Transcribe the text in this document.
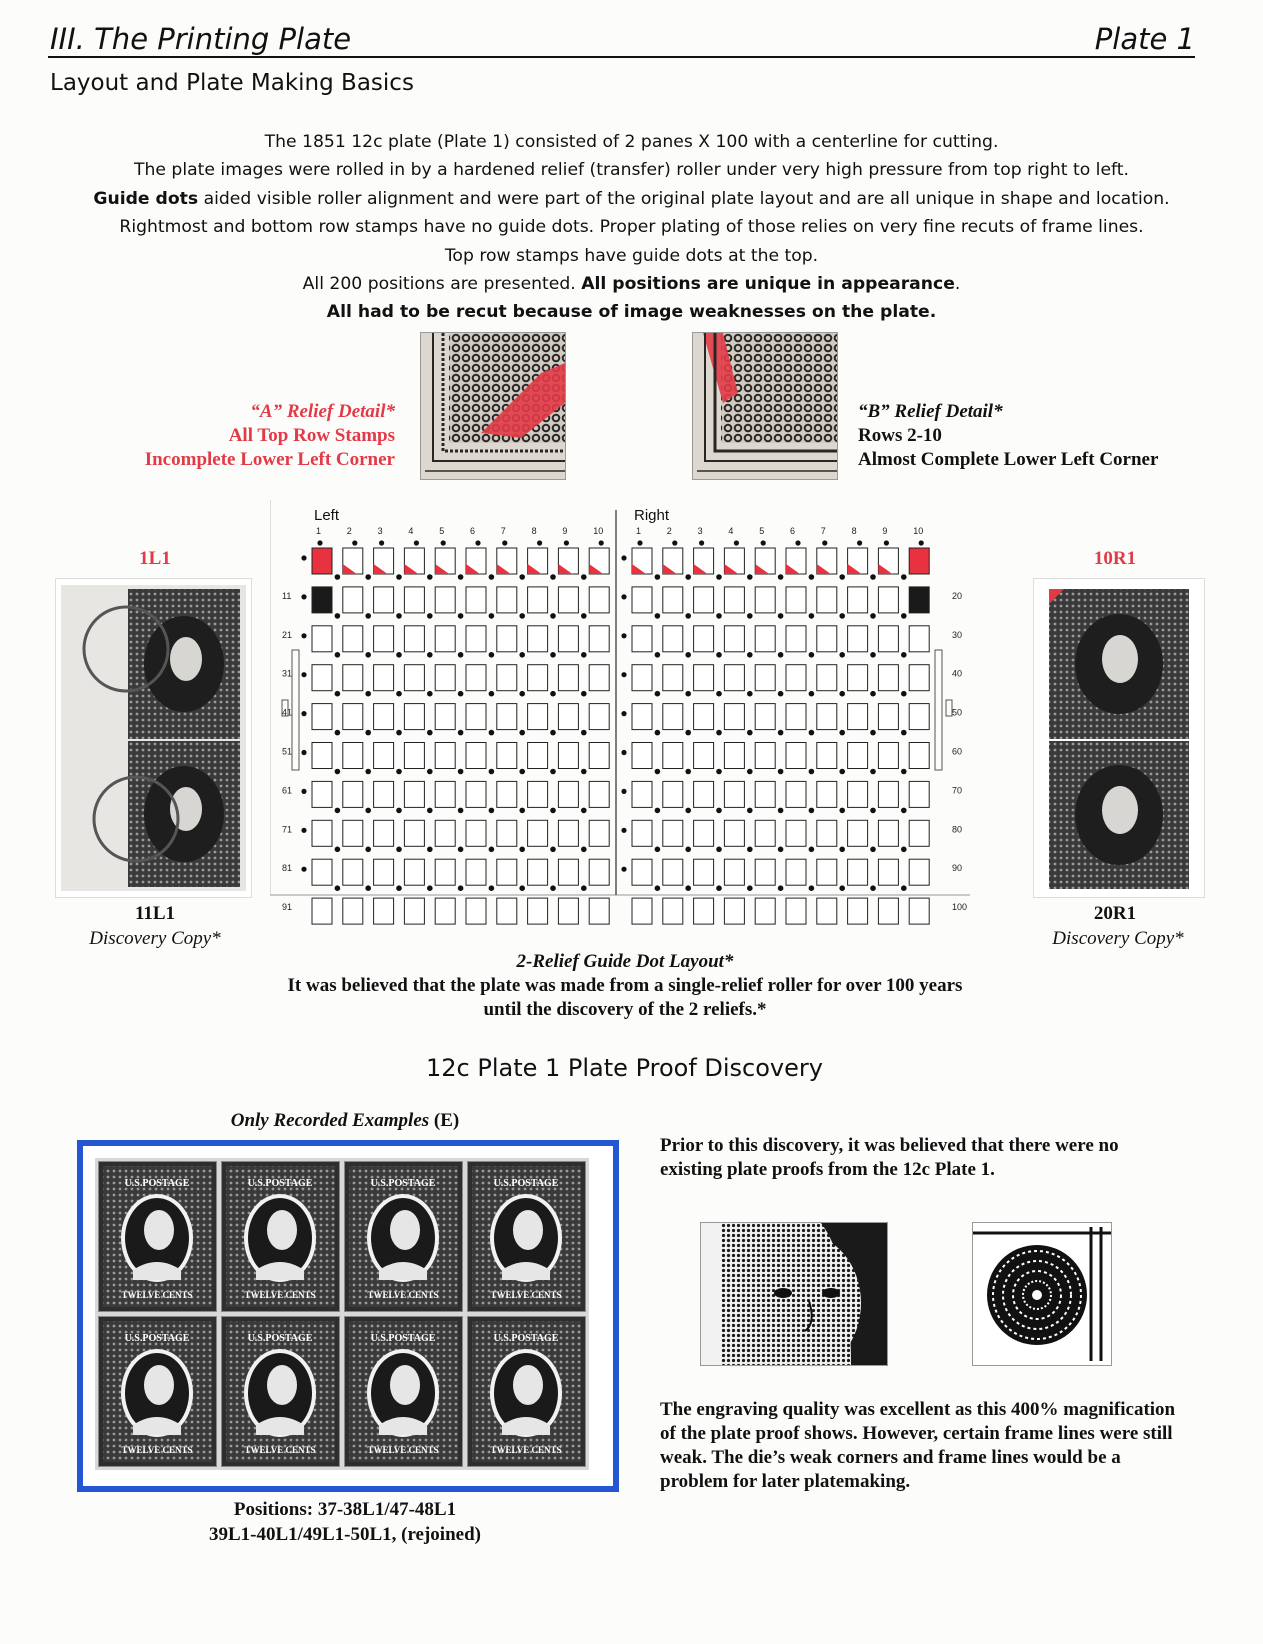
III. The Printing Plate	Plate 1
Layout and Plate Making Basics
The 1851 12c plate (Plate 1) consisted of 2 panes X 100 with a centerline for cutting.
The plate images were rolled in by a hardened relief (transfer) roller under very high pressure from top right to left.
Guide dots aided visible roller alignment and were part of the original plate layout and are all unique in shape and location.
Rightmost and bottom row stamps have no guide dots. Proper plating of those relies on very fine recuts of frame lines.
Top row stamps have guide dots at the top.
All 200 positions are presented. All positions are unique in appearance.
All had to be recut because of image weaknesses on the plate.
“A” Relief Detail*
All Top Row Stamps
Incomplete Lower Left Corner
“B” Relief Detail*
Rows 2-10
Almost Complete Lower Left Corner
1L1
11L1
Discovery Copy*
10R1
20R1
Discovery Copy*
Left
1	2	3	4	5	6	7	8	9	10
11
21
31
41
51
61
71
81
91
Right
1	2	3	4	5	6	7	8	9	10
20
30
40
50
60
70
80
90
100
2-Relief Guide Dot Layout*
It was believed that the plate was made from a single-relief roller for over 100 years
until the discovery of the 2 reliefs.*
12c Plate 1 Plate Proof Discovery
Only Recorded Examples (E)
U.S.POSTAGE
TWELVE CENTS
U.S.POSTAGE
TWELVE CENTS
U.S.POSTAGE
TWELVE CENTS
U.S.POSTAGE
TWELVE CENTS
U.S.POSTAGE
TWELVE CENTS
U.S.POSTAGE
TWELVE CENTS
U.S.POSTAGE
TWELVE CENTS
U.S.POSTAGE
TWELVE CENTS
Positions: 37-38L1/47-48L1
39L1-40L1/49L1-50L1, (rejoined)
Prior to this discovery, it was believed that there were no existing plate proofs from the 12c Plate 1.
The engraving quality was excellent as this 400% magnification of the plate proof shows. However, certain frame lines were still weak. The die’s weak corners and frame lines would be a problem for later platemaking.
